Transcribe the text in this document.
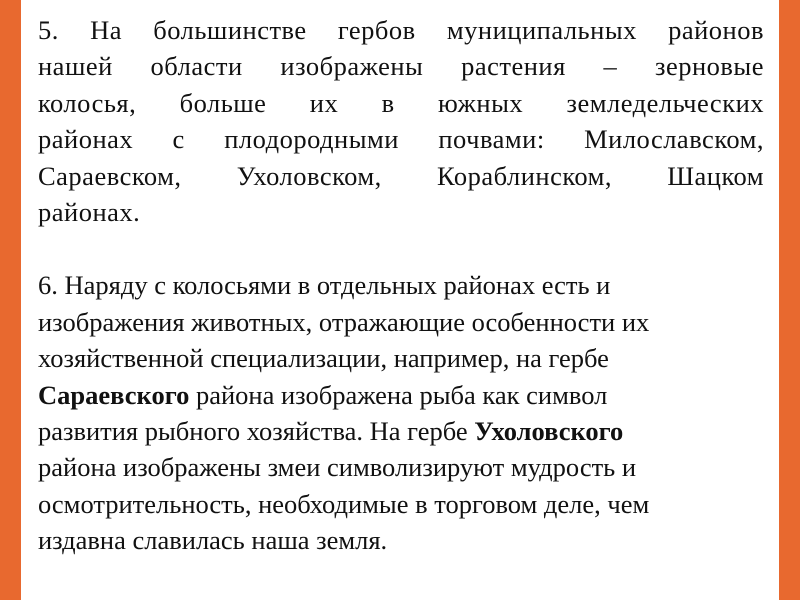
5. На большинстве гербов муниципальных районов
нашей области изображены растения – зерновые
колосья, больше их в южных земледельческих
районах с плодородными почвами: Милославском,
Сараевском, Ухоловском, Кораблинском, Шацком
районах.
6. Наряду с колосьями в отдельных районах есть и
изображения животных, отражающие особенности их
хозяйственной специализации, например, на гербе
Сараевского района изображена рыба как символ
развития рыбного хозяйства. На гербе Ухоловского
района изображены змеи символизируют мудрость и
осмотрительность, необходимые в торговом деле, чем
издавна славилась наша земля.
